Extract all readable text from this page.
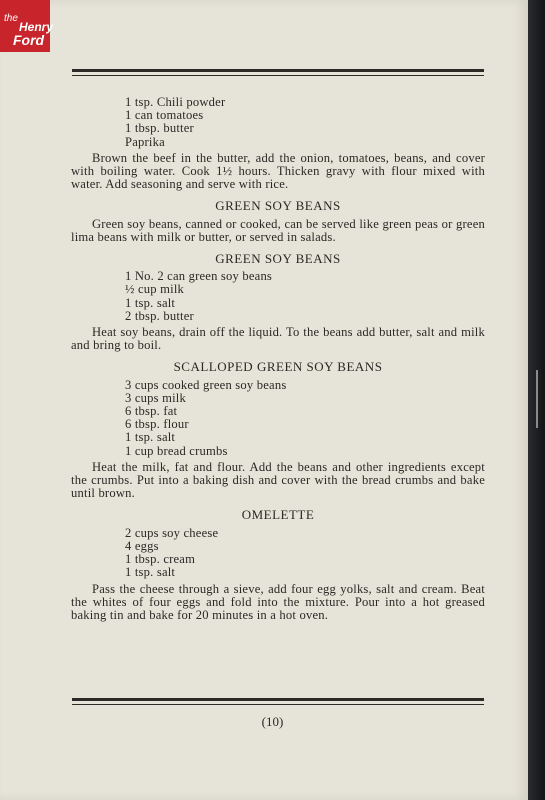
the
Henry
Ford
1 tsp. Chili powder
1 can tomatoes
1 tbsp. butter
Paprika

Brown the beef in the butter, add the onion, tomatoes, beans, and cover with boiling water. Cook 1½ hours. Thicken gravy with flour mixed with water. Add seasoning and serve with rice.

GREEN SOY BEANS

Green soy beans, canned or cooked, can be served like green peas or green lima beans with milk or butter, or served in salads.

GREEN SOY BEANS
1 No. 2 can green soy beans
½ cup milk
1 tsp. salt
2 tbsp. butter

Heat soy beans, drain off the liquid. To the beans add butter, salt and milk and bring to boil.

SCALLOPED GREEN SOY BEANS
3 cups cooked green soy beans
3 cups milk
6 tbsp. fat
6 tbsp. flour
1 tsp. salt
1 cup bread crumbs

Heat the milk, fat and flour. Add the beans and other ingredients except the crumbs. Put into a baking dish and cover with the bread crumbs and bake until brown.

OMELETTE
2 cups soy cheese
4 eggs
1 tbsp. cream
1 tsp. salt

Pass the cheese through a sieve, add four egg yolks, salt and cream. Beat the whites of four eggs and fold into the mixture. Pour into a hot greased baking tin and bake for 20 minutes in a hot oven.

(10)
